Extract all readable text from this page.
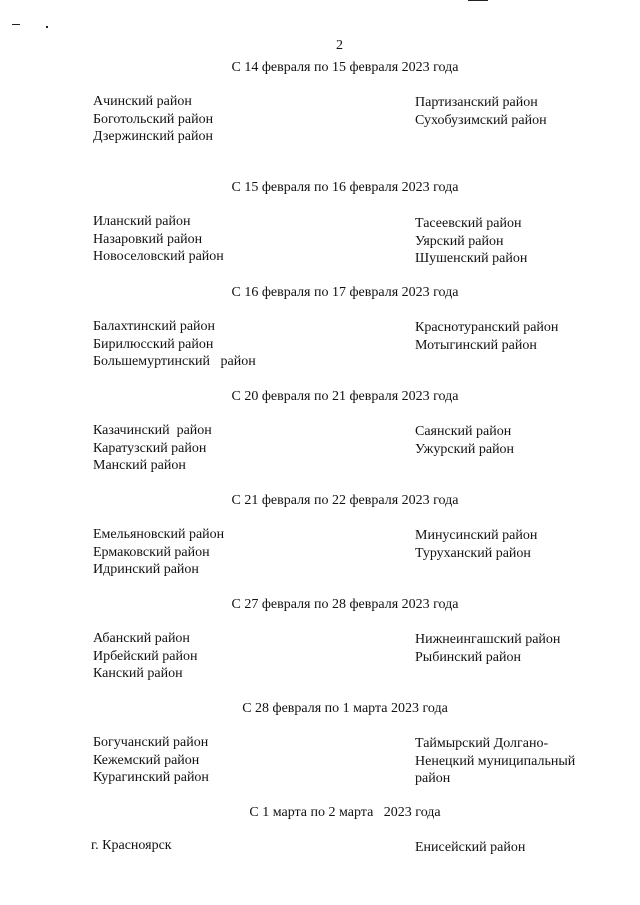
2
С 14 февраля по 15 февраля 2023 года
Ачинский район
Боготольский район
Дзержинский район
Партизанский район
Сухобузимский район
С 15 февраля по 16 февраля 2023 года
Иланский район
Назаровкий район
Новоселовский район
Тасеевский район
Уярский район
Шушенский район
С 16 февраля по 17 февраля 2023 года
Балахтинский район
Бирилюсский район
Большемуртинский   район
Краснотуранский район
Мотыгинский район
С 20 февраля по 21 февраля 2023 года
Казачинский  район
Каратузский район
Манский район
Саянский район
Ужурский район
С 21 февраля по 22 февраля 2023 года
Емельяновский район
Ермаковский район
Идринский район
Минусинский район
Туруханский район
С 27 февраля по 28 февраля 2023 года
Абанский район
Ирбейский район
Канский район
Нижнеингашский район
Рыбинский район
С 28 февраля по 1 марта 2023 года
Богучанский район
Кежемский район
Курагинский район
Таймырский Долгано-
Ненецкий муниципальный
район
С 1 марта по 2 марта   2023 года
г. Красноярск	Енисейский район
